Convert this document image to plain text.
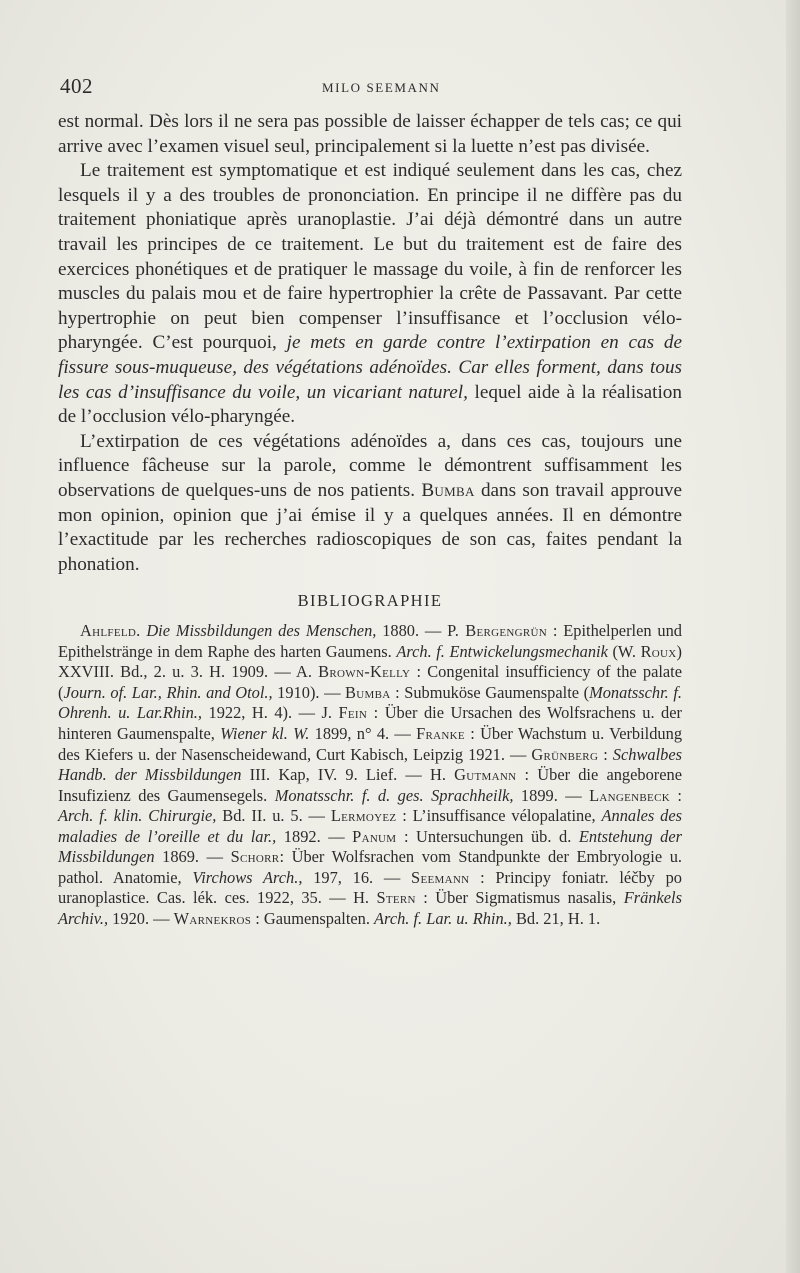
402	MILO SEEMANN

est normal. Dès lors il ne sera pas possible de laisser échapper de tels cas; ce qui arrive avec l’examen visuel seul, principalement si la luette n’est pas divisée.

Le traitement est symptomatique et est indiqué seulement dans les cas, chez lesquels il y a des troubles de prononciation. En principe il ne diffère pas du traitement phoniatique après uranoplastie. J’ai déjà démontré dans un autre travail les principes de ce traitement. Le but du traitement est de faire des exercices phonétiques et de pratiquer le massage du voile, à fin de renforcer les muscles du palais mou et de faire hypertrophier la crête de Passavant. Par cette hypertrophie on peut bien compenser l’insuffisance et l’occlusion vélo-pharyngée. C’est pourquoi, je mets en garde contre l’extirpation en cas de fissure sous-muqueuse, des végétations adénoïdes. Car elles forment, dans tous les cas d’insuffisance du voile, un vicariant naturel, lequel aide à la réalisation de l’occlusion vélo-pharyngée.

L’extirpation de ces végétations adénoïdes a, dans ces cas, toujours une influence fâcheuse sur la parole, comme le démontrent suffisamment les observations de quelques-uns de nos patients. Bumba dans son travail approuve mon opinion, opinion que j’ai émise il y a quelques années. Il en démontre l’exactitude par les recherches radioscopiques de son cas, faites pendant la phonation.

BIBLIOGRAPHIE

Ahlfeld. Die Missbildungen des Menschen, 1880. — P. Bergengrün : Epithelperlen und Epithelstränge in dem Raphe des harten Gaumens. Arch. f. Entwickelungsmechanik (W. Roux) XXVIII. Bd., 2. u. 3. H. 1909. — A. Brown-Kelly : Congenital insufficiency of the palate (Journ. of. Lar., Rhin. and Otol., 1910). — Bumba : Submuköse Gaumenspalte (Monatsschr. f. Ohrenh. u. Lar.Rhin., 1922, H. 4). — J. Fein : Über die Ursachen des Wolfsrachens u. der hinteren Gaumenspalte, Wiener kl. W. 1899, n° 4. — Franke : Über Wachstum u. Verbildung des Kiefers u. der Nasenscheidewand, Curt Kabisch, Leipzig 1921. — Grünberg : Schwalbes Handb. der Missbildungen III. Kap, IV. 9. Lief. — H. Gutmann : Über die angeborene Insufizienz des Gaumensegels. Monatsschr. f. d. ges. Sprachheilk, 1899. — Langenbeck : Arch. f. klin. Chirurgie, Bd. II. u. 5. — Lermoyez : L’insuffisance vélopalatine, Annales des maladies de l’oreille et du lar., 1892. — Panum : Untersuchungen üb. d. Entstehung der Missbildungen 1869. — Schorr: Über Wolfsrachen vom Standpunkte der Embryologie u. pathol. Anatomie, Virchows Arch., 197, 16. — Seemann : Principy foniatr. léčby po uranoplastice. Cas. lék. ces. 1922, 35. — H. Stern : Über Sigmatismus nasalis, Fränkels Archiv., 1920. — Warnekros : Gaumenspalten. Arch. f. Lar. u. Rhin., Bd. 21, H. 1.
